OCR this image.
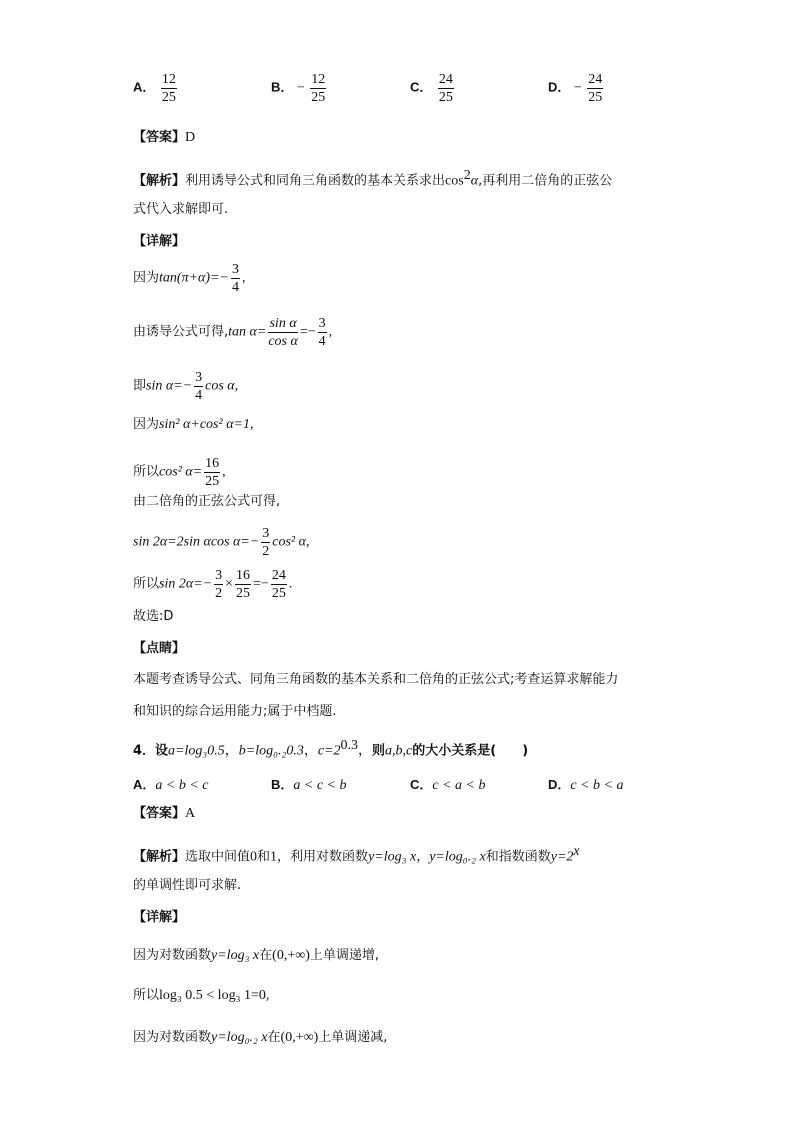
A． $\frac{12}{25}$	B． − $\frac{12}{25}$	C． $\frac{24}{25}$	D． − $\frac{24}{25}$
【答案】D
【解析】利用诱导公式和同角三角函数的基本关系求出$\cos^2\alpha$,再利用二倍角的正弦公
式代入求解即可.
【详解】
因为$\tan(\pi+\alpha)=- \frac{3}{4}$ ,
由诱导公式可得,tan $\alpha= \frac{\text{sin α}}{\text{cos α}} =- \frac{3}{4}$ ,
即$\sin \alpha=- \frac{3}{4}$ cos α,
因为sin² α+cos² α=1,
所以cos² $\alpha= \frac{16}{25}$ ,
由二倍角的正弦公式可得,
sin 2α=2sin αcos $\alpha=- \frac{3}{2} \cos^2$ α,
所以$\sin 2\alpha=- \frac{3}{2} \times \frac{16}{25} =- \frac{24}{25}$ .
故选:D
【点睛】
本题考查诱导公式、同角三角函数的基本关系和二倍角的正弦公式;考查运算求解能力
和知识的综合运用能力;属于中档题.
4．设a=log₃0.5，b=log₀.₂0.3，$c=2^{0.3}$，则a,b,c的大小关系是(　　)
A．a < b < c	B．a < c < b	C．c < a < b	D．c < b < a
【答案】A
【解析】选取中间值0和1，利用对数函数y=log₃ x，y=log₀.₂ x和指数函数$y=2^x$
的单调性即可求解.
【详解】
因为对数函数y=log₃ x在(0,+∞)上单调递增,
所以log₃ 0.5 < log₃ 1=0,
因为对数函数y=log₀.₂ x在(0,+∞)上单调递减,
